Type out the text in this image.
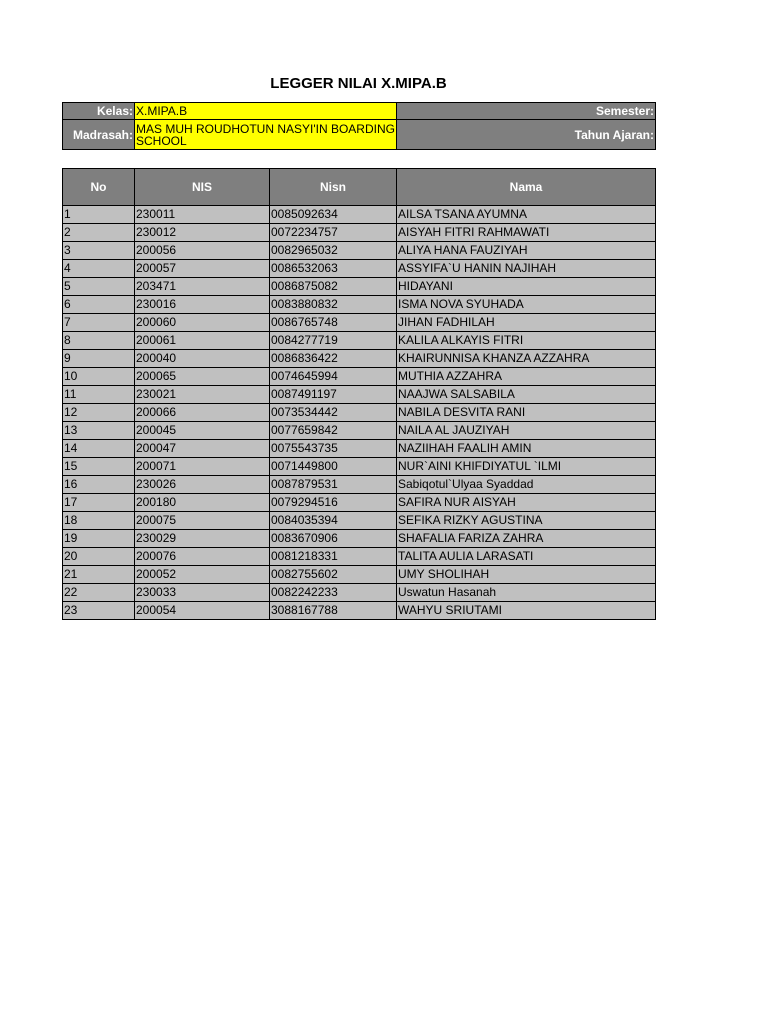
LEGGER NILAI X.MIPA.B
Kelas:	X.MIPA.B	Semester:
Madrasah:	MAS MUH ROUDHOTUN NASYI'IN BOARDING SCHOOL	Tahun Ajaran:
No	NIS	Nisn	Nama
1	230011	0085092634	AILSA TSANA AYUMNA
2	230012	0072234757	AISYAH FITRI RAHMAWATI
3	200056	0082965032	ALIYA HANA FAUZIYAH
4	200057	0086532063	ASSYIFA`U HANIN NAJIHAH
5	203471	0086875082	HIDAYANI
6	230016	0083880832	ISMA NOVA SYUHADA
7	200060	0086765748	JIHAN FADHILAH
8	200061	0084277719	KALILA ALKAYIS FITRI
9	200040	0086836422	KHAIRUNNISA KHANZA AZZAHRA
10	200065	0074645994	MUTHIA AZZAHRA
11	230021	0087491197	NAAJWA SALSABILA
12	200066	0073534442	NABILA DESVITA RANI
13	200045	0077659842	NAILA AL JAUZIYAH
14	200047	0075543735	NAZIIHAH FAALIH AMIN
15	200071	0071449800	NUR`AINI KHIFDIYATUL `ILMI
16	230026	0087879531	Sabiqotul`Ulyaa Syaddad
17	200180	0079294516	SAFIRA NUR AISYAH
18	200075	0084035394	SEFIKA RIZKY AGUSTINA
19	230029	0083670906	SHAFALIA FARIZA ZAHRA
20	200076	0081218331	TALITA AULIA LARASATI
21	200052	0082755602	UMY SHOLIHAH
22	230033	0082242233	Uswatun Hasanah
23	200054	3088167788	WAHYU SRIUTAMI
